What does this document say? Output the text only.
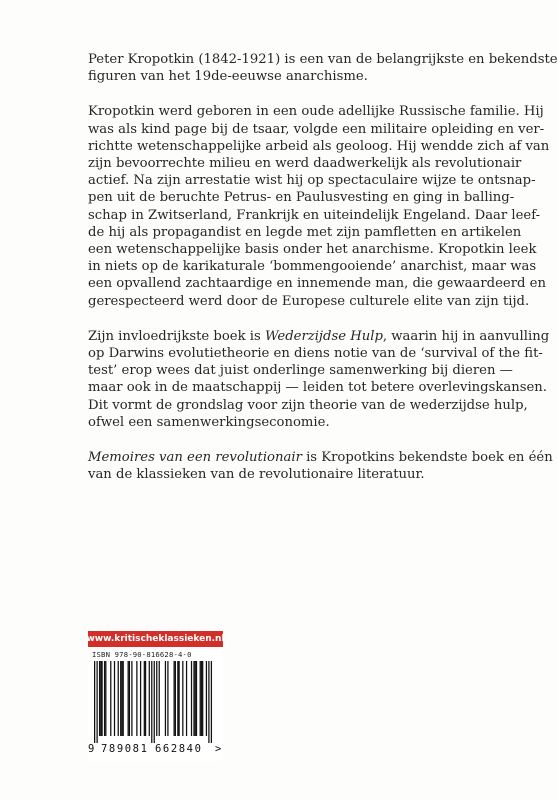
Peter Kropotkin (1842-1921) is een van de belangrijkste en bekendste
figuren van het 19de-eeuwse anarchisme.

Kropotkin werd geboren in een oude adellijke Russische familie. Hij
was als kind page bij de tsaar, volgde een militaire opleiding en ver-
richtte wetenschappelijke arbeid als geoloog. Hij wendde zich af van
zijn bevoorrechte milieu en werd daadwerkelijk als revolutionair
actief. Na zijn arrestatie wist hij op spectaculaire wijze te ontsnap-
pen uit de beruchte Petrus- en Paulusvesting en ging in balling-
schap in Zwitserland, Frankrijk en uiteindelijk Engeland. Daar leef-
de hij als propagandist en legde met zijn pamfletten en artikelen
een wetenschappelijke basis onder het anarchisme. Kropotkin leek
in niets op de karikaturale ‘bommengooiende’ anarchist, maar was
een opvallend zachtaardige en innemende man, die gewaardeerd en
gerespecteerd werd door de Europese culturele elite van zijn tijd.

Zijn invloedrijkste boek is Wederzijdse Hulp, waarin hij in aanvulling
op Darwins evolutietheorie en diens notie van de ‘survival of the fit-
test’ erop wees dat juist onderlinge samenwerking bij dieren —
maar ook in de maatschappij — leiden tot betere overlevingskansen.
Dit vormt de grondslag voor zijn theorie van de wederzijdse hulp,
ofwel een samenwerkingseconomie.

Memoires van een revolutionair is Kropotkins bekendste boek en één
van de klassieken van de revolutionaire literatuur.

www.kritischeklassieken.nl
ISBN 978-90-816628-4-0
9 789081 662840 >
